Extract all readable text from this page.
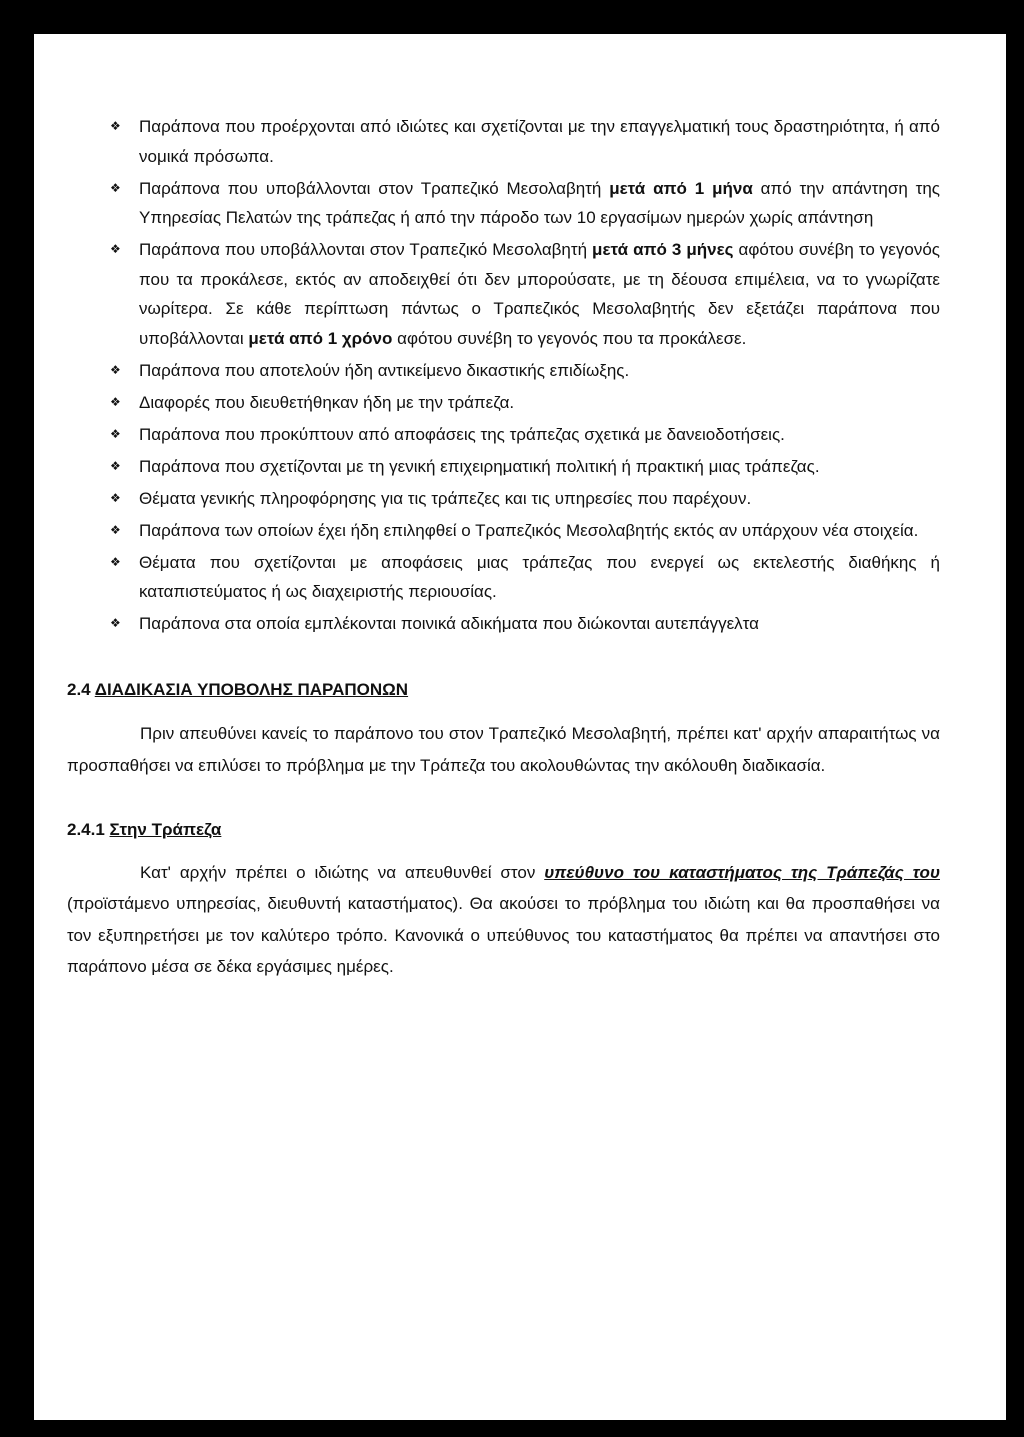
❖ Παράπονα που προέρχονται από ιδιώτες και σχετίζονται με την επαγγελματική τους δραστηριότητα, ή από νομικά πρόσωπα.
❖ Παράπονα που υποβάλλονται στον Τραπεζικό Μεσολαβητή μετά από 1 μήνα από την απάντηση της Υπηρεσίας Πελατών της τράπεζας ή από την πάροδο των 10 εργασίμων ημερών χωρίς απάντηση
❖ Παράπονα που υποβάλλονται στον Τραπεζικό Μεσολαβητή μετά από 3 μήνες αφότου συνέβη το γεγονός που τα προκάλεσε, εκτός αν αποδειχθεί ότι δεν μπορούσατε, με τη δέουσα επιμέλεια, να το γνωρίζατε νωρίτερα. Σε κάθε περίπτωση πάντως ο Τραπεζικός Μεσολαβητής δεν εξετάζει παράπονα που υποβάλλονται μετά από 1 χρόνο αφότου συνέβη το γεγονός που τα προκάλεσε.
❖ Παράπονα που αποτελούν ήδη αντικείμενο δικαστικής επιδίωξης.
❖ Διαφορές που διευθετήθηκαν ήδη με την τράπεζα.
❖ Παράπονα που προκύπτουν από αποφάσεις της τράπεζας σχετικά με δανειοδοτήσεις.
❖ Παράπονα που σχετίζονται με τη γενική επιχειρηματική πολιτική ή πρακτική μιας τράπεζας.
❖ Θέματα γενικής πληροφόρησης για τις τράπεζες και τις υπηρεσίες που παρέχουν.
❖ Παράπονα των οποίων έχει ήδη επιληφθεί ο Τραπεζικός Μεσολαβητής εκτός αν υπάρχουν νέα στοιχεία.
❖ Θέματα που σχετίζονται με αποφάσεις μιας τράπεζας που ενεργεί ως εκτελεστής διαθήκης ή καταπιστεύματος ή ως διαχειριστής περιουσίας.
❖ Παράπονα στα οποία εμπλέκονται ποινικά αδικήματα που διώκονται αυτεπάγγελτα
2.4 ΔΙΑΔΙΚΑΣΙΑ ΥΠΟΒΟΛΗΣ ΠΑΡΑΠΟΝΩΝ

Πριν απευθύνει κανείς το παράπονο του στον Τραπεζικό Μεσολαβητή, πρέπει κατ' αρχήν απαραιτήτως να προσπαθήσει να επιλύσει το πρόβλημα με την Τράπεζα του ακολουθώντας την ακόλουθη διαδικασία.

2.4.1 Στην Τράπεζα

Κατ' αρχήν πρέπει ο ιδιώτης να απευθυνθεί στον υπεύθυνο του καταστήματος της Τράπεζάς του (προϊστάμενο υπηρεσίας, διευθυντή καταστήματος). Θα ακούσει το πρόβλημα του ιδιώτη και θα προσπαθήσει να τον εξυπηρετήσει με τον καλύτερο τρόπο. Κανονικά ο υπεύθυνος του καταστήματος θα πρέπει να απαντήσει στο παράπονο μέσα σε δέκα εργάσιμες ημέρες.
